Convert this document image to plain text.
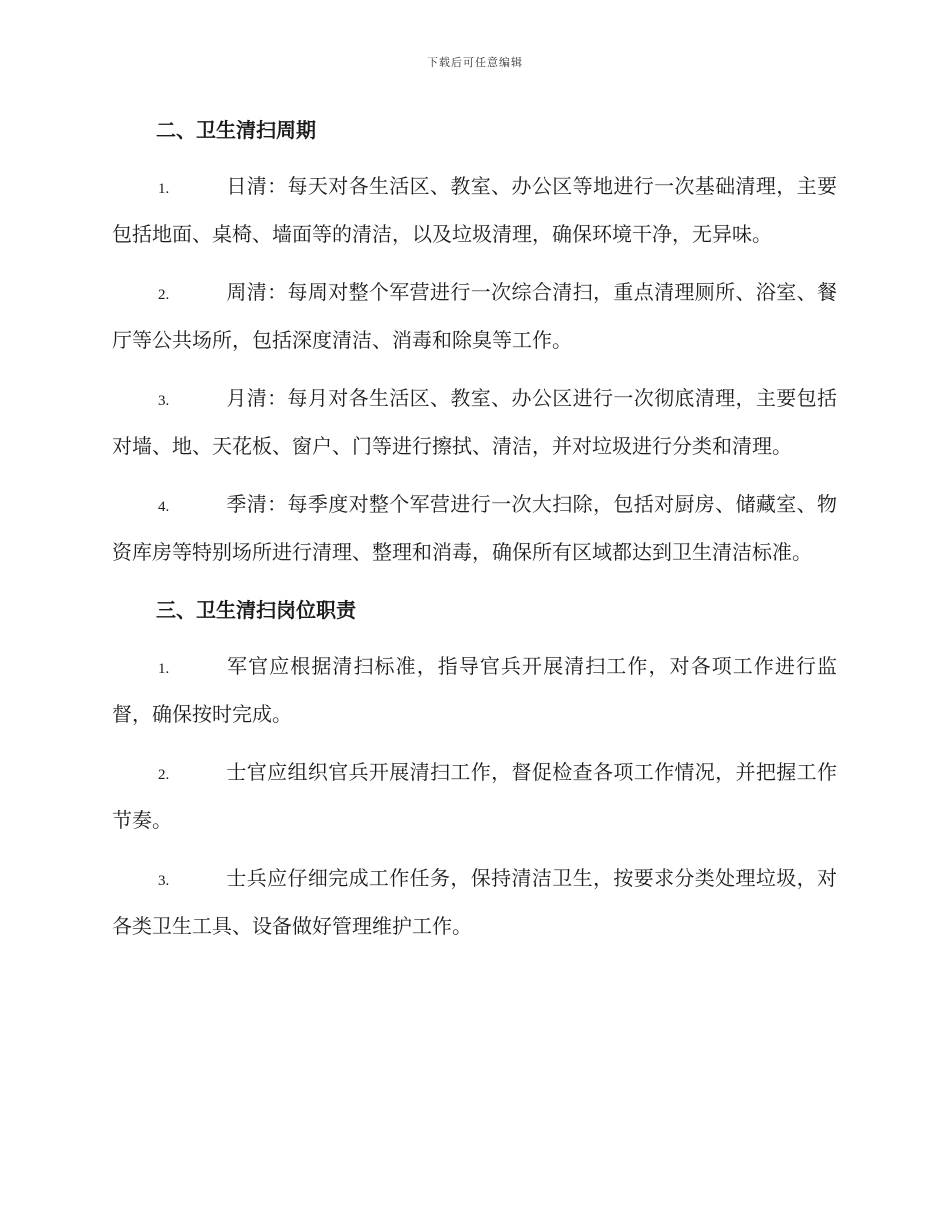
下载后可任意编辑
二、卫生清扫周期

1.	日清：每天对各生活区、教室、办公区等地进行一次基础清理，主要包括地面、桌椅、墙面等的清洁，以及垃圾清理，确保环境干净，无异味。

2.	周清：每周对整个军营进行一次综合清扫，重点清理厕所、浴室、餐厅等公共场所，包括深度清洁、消毒和除臭等工作。

3.	月清：每月对各生活区、教室、办公区进行一次彻底清理，主要包括对墙、地、天花板、窗户、门等进行擦拭、清洁，并对垃圾进行分类和清理。

4.	季清：每季度对整个军营进行一次大扫除，包括对厨房、储藏室、物资库房等特别场所进行清理、整理和消毒，确保所有区域都达到卫生清洁标准。

三、卫生清扫岗位职责

1.	军官应根据清扫标准，指导官兵开展清扫工作，对各项工作进行监督，确保按时完成。

2.	士官应组织官兵开展清扫工作，督促检查各项工作情况，并把握工作节奏。

3.	士兵应仔细完成工作任务，保持清洁卫生，按要求分类处理垃圾，对各类卫生工具、设备做好管理维护工作。
